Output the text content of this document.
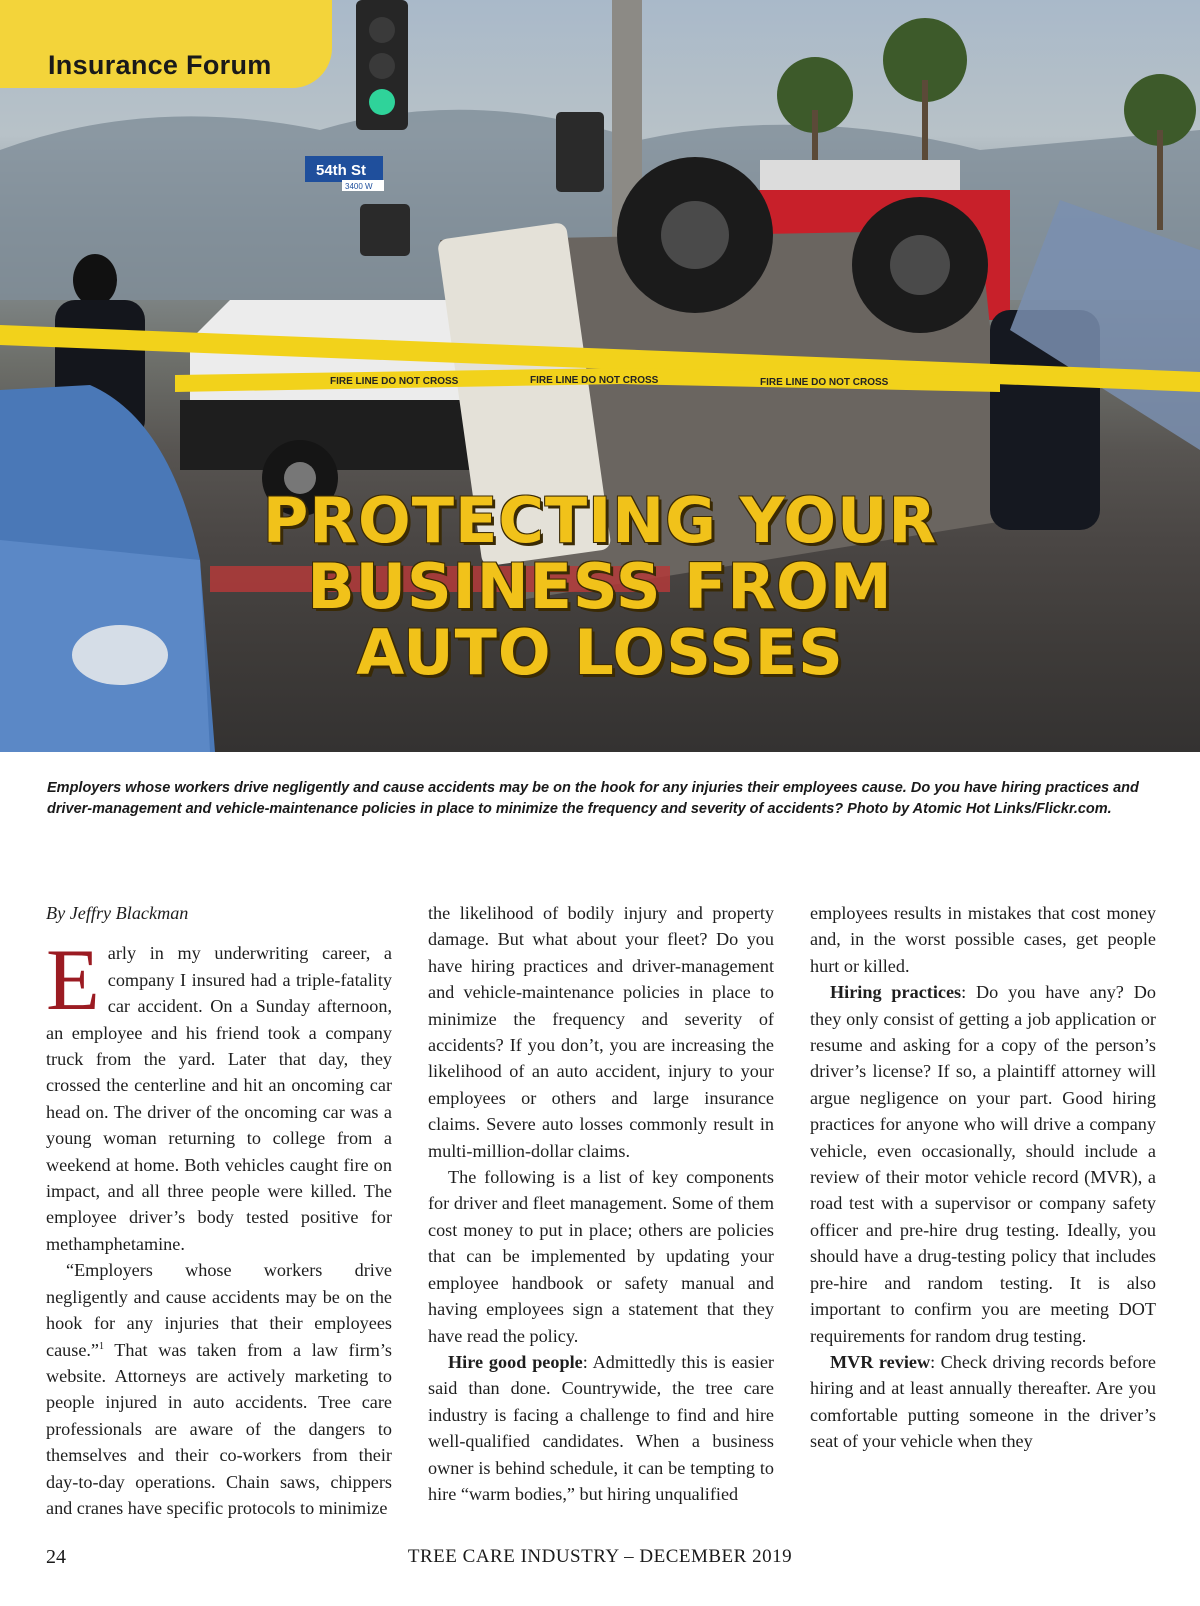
54th St
3400 W
FIRE LINE DO NOT CROSS	FIRE LINE DO NOT CROSS	FIRE LINE DO NOT CROSS
Insurance Forum
PROTECTING YOUR
BUSINESS FROM
AUTO LOSSES
Employers whose workers drive negligently and cause accidents may be on the hook for any injuries their employees cause. Do you have hiring practices and driver-management and vehicle-maintenance policies in place to minimize the frequency and severity of accidents? Photo by Atomic Hot Links/Flickr.com.

By Jeffry Blackman

Early in my underwriting career, a company I insured had a triple-fatality car accident. On a Sunday afternoon, an employee and his friend took a company truck from the yard. Later that day, they crossed the centerline and hit an oncoming car head on. The driver of the oncoming car was a young woman returning to college from a weekend at home. Both vehicles caught fire on impact, and all three people were killed. The employee driver’s body tested positive for methamphetamine.

“Employers whose workers drive negligently and cause accidents may be on the hook for any injuries that their employees cause.”$^1$ That was taken from a law firm’s website. Attorneys are actively marketing to people injured in auto accidents. Tree care professionals are aware of the dangers to themselves and their co-workers from their day-to-day operations. Chain saws, chippers and cranes have specific protocols to minimize

the likelihood of bodily injury and property damage. But what about your fleet? Do you have hiring practices and driver-management and vehicle-maintenance policies in place to minimize the frequency and severity of accidents? If you don’t, you are increasing the likelihood of an auto accident, injury to your employees or others and large insurance claims. Severe auto losses commonly result in multi-million-dollar claims.

The following is a list of key components for driver and fleet management. Some of them cost money to put in place; others are policies that can be implemented by updating your employee handbook or safety manual and having employees sign a statement that they have read the policy.

Hire good people: Admittedly this is easier said than done. Countrywide, the tree care industry is facing a challenge to find and hire well-qualified candidates. When a business owner is behind schedule, it can be tempting to hire “warm bodies,” but hiring unqualified

employees results in mistakes that cost money and, in the worst possible cases, get people hurt or killed.

Hiring practices: Do you have any? Do they only consist of getting a job application or resume and asking for a copy of the person’s driver’s license? If so, a plaintiff attorney will argue negligence on your part. Good hiring practices for anyone who will drive a company vehicle, even occasionally, should include a review of their motor vehicle record (MVR), a road test with a supervisor or company safety officer and pre-hire drug testing. Ideally, you should have a drug-testing policy that includes pre-hire and random testing. It is also important to confirm you are meeting DOT requirements for random drug testing.

MVR review: Check driving records before hiring and at least annually thereafter. Are you comfortable putting someone in the driver’s seat of your vehicle when they

24	TREE CARE INDUSTRY – DECEMBER 2019
